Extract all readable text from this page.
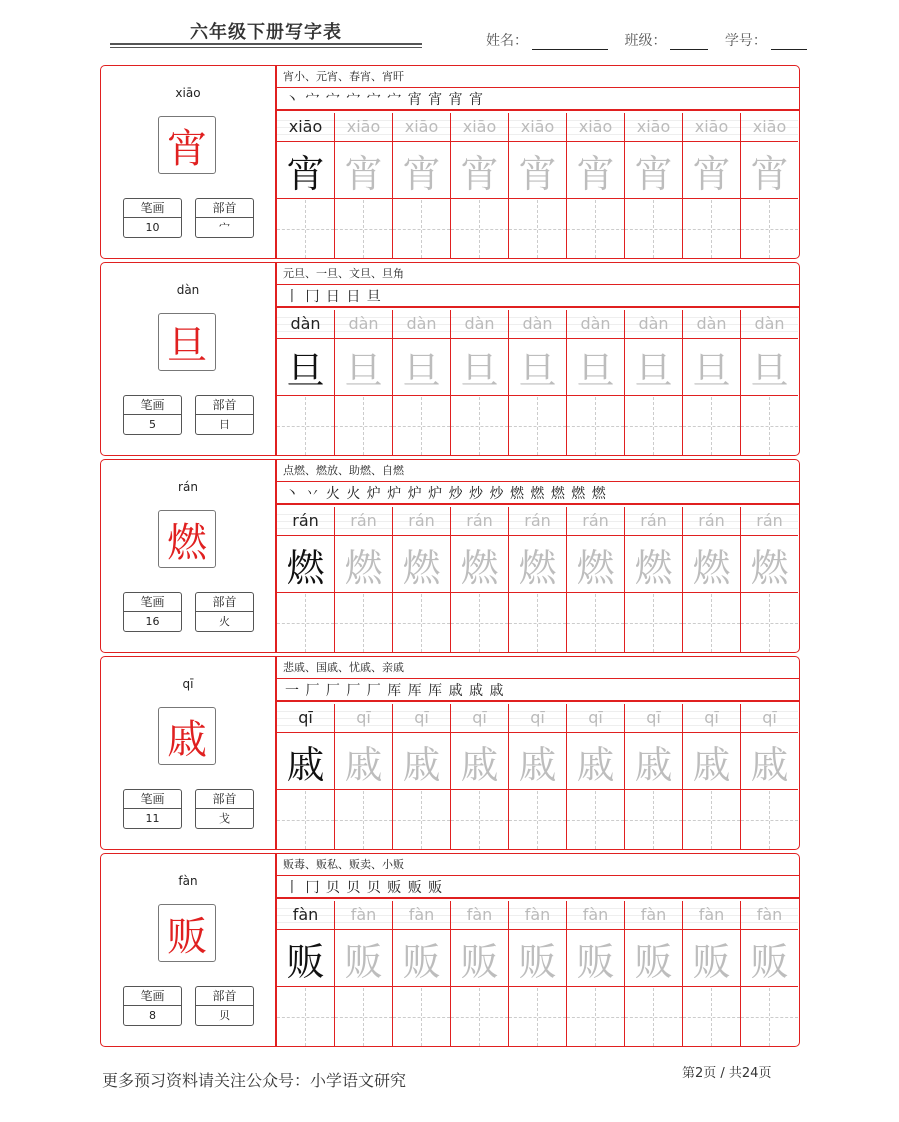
六年级下册写字表	姓名：	班级：	学号：
xiāo
宵
笔画
10
部首
宀
宵小、元宵、春宵、宵旰
丶 宀 宀 宀 宀 宀 宵 宵 宵 宵
xiāo
宵
xiāo
宵
xiāo
宵
xiāo
宵
xiāo
宵
xiāo
宵
xiāo
宵
xiāo
宵
xiāo
宵
dàn
旦
笔画
5
部首
日
元旦、一旦、文旦、旦角
丨 冂 日 日 旦
dàn
旦
dàn
旦
dàn
旦
dàn
旦
dàn
旦
dàn
旦
dàn
旦
dàn
旦
dàn
旦
rán
燃
笔画
16
部首
火
点燃、燃放、助燃、自燃
丶 丷 火 火 炉 炉 炉 炉 炒 炒 炒 燃 燃 燃 燃 燃
rán
燃
rán
燃
rán
燃
rán
燃
rán
燃
rán
燃
rán
燃
rán
燃
rán
燃
qī
戚
笔画
11
部首
戈
悲戚、国戚、忧戚、亲戚
一 厂 厂 厂 厂 厍 厍 厍 戚 戚 戚
qī
戚
qī
戚
qī
戚
qī
戚
qī
戚
qī
戚
qī
戚
qī
戚
qī
戚
fàn
贩
笔画
8
部首
贝
贩毒、贩私、贩卖、小贩
丨 冂 贝 贝 贝 贩 贩 贩
fàn
贩
fàn
贩
fàn
贩
fàn
贩
fàn
贩
fàn
贩
fàn
贩
fàn
贩
fàn
贩
更多预习资料请关注公众号：小学语文研究	第2页 / 共24页
